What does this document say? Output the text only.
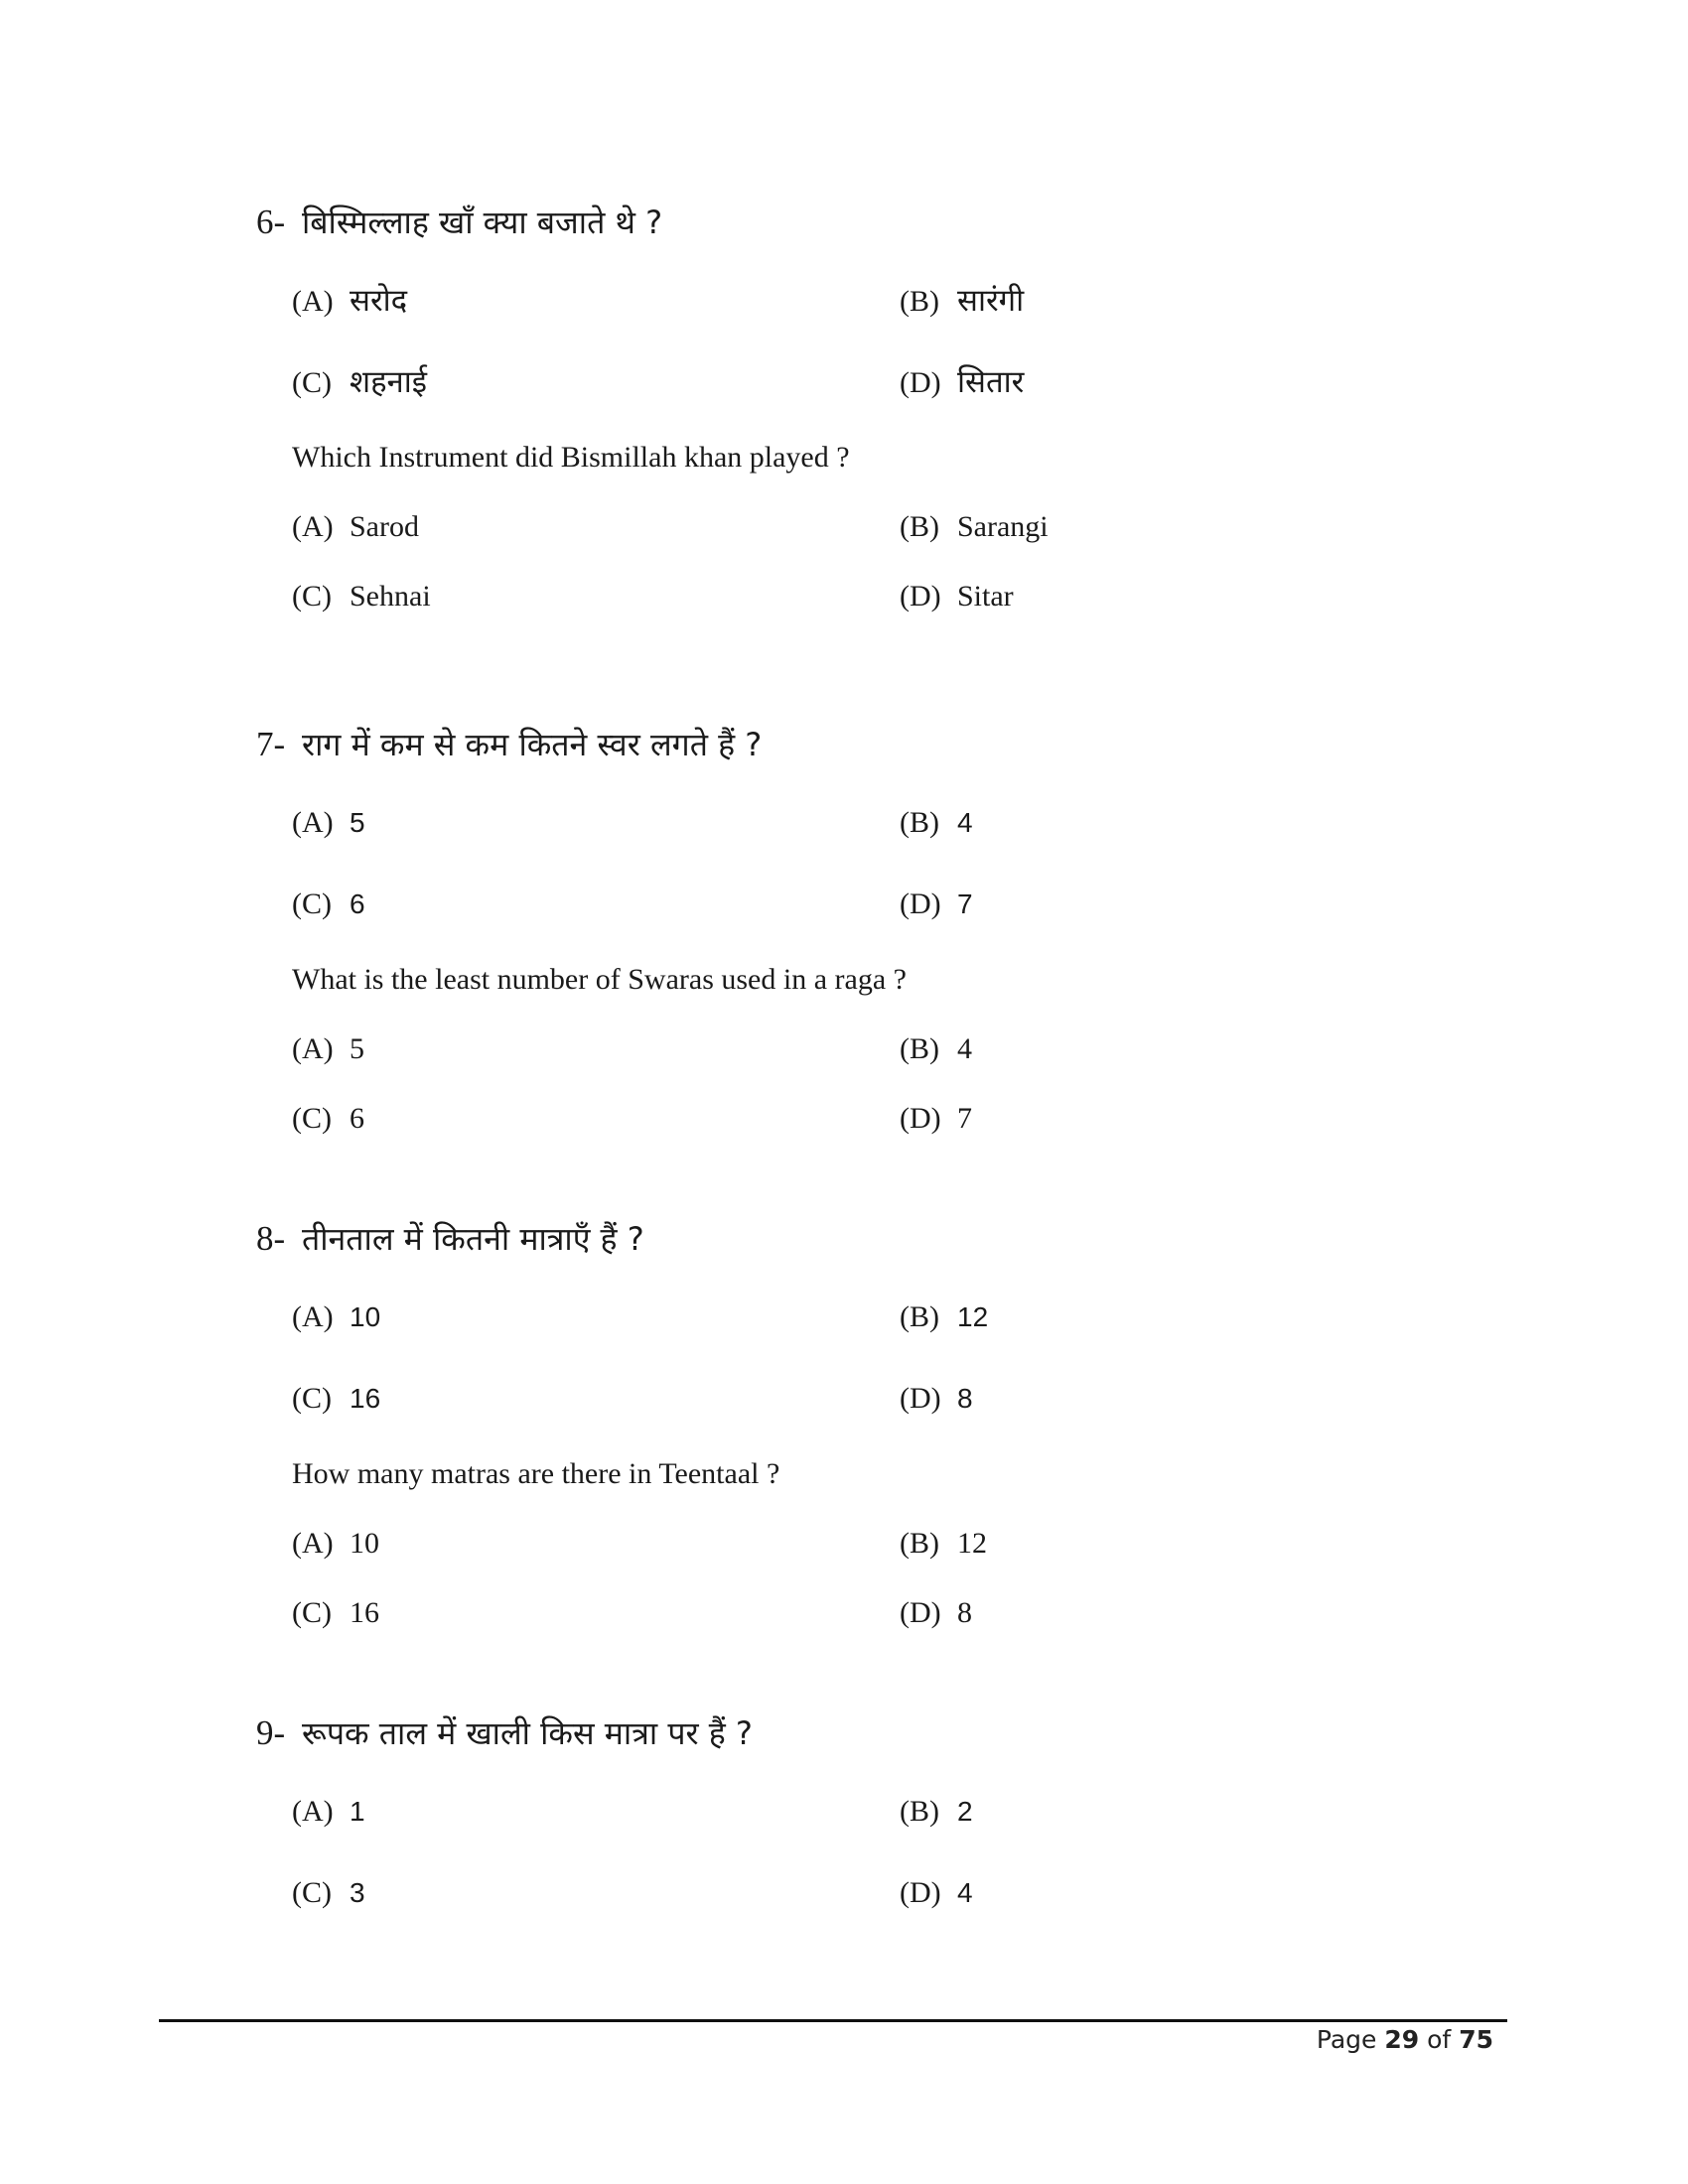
6- बिस्मिल्लाह खाँ क्या बजाते थे ?
(A) सरोद	(B) सारंगी
(C) शहनाई	(D) सितार
Which Instrument did Bismillah khan played ?
(A) Sarod	(B) Sarangi
(C) Sehnai	(D) Sitar
7- राग में कम से कम कितने स्वर लगते हैं ?
(A) 5	(B) 4
(C) 6	(D) 7
What is the least number of Swaras used in a raga ?
(A) 5	(B) 4
(C) 6	(D) 7
8- तीनताल में कितनी मात्राएँ हैं ?
(A) 10	(B) 12
(C) 16	(D) 8
How many matras are there in Teentaal ?
(A) 10	(B) 12
(C) 16	(D) 8
9- रूपक ताल में खाली किस मात्रा पर हैं ?
(A) 1	(B) 2
(C) 3	(D) 4
Page 29 of 75
